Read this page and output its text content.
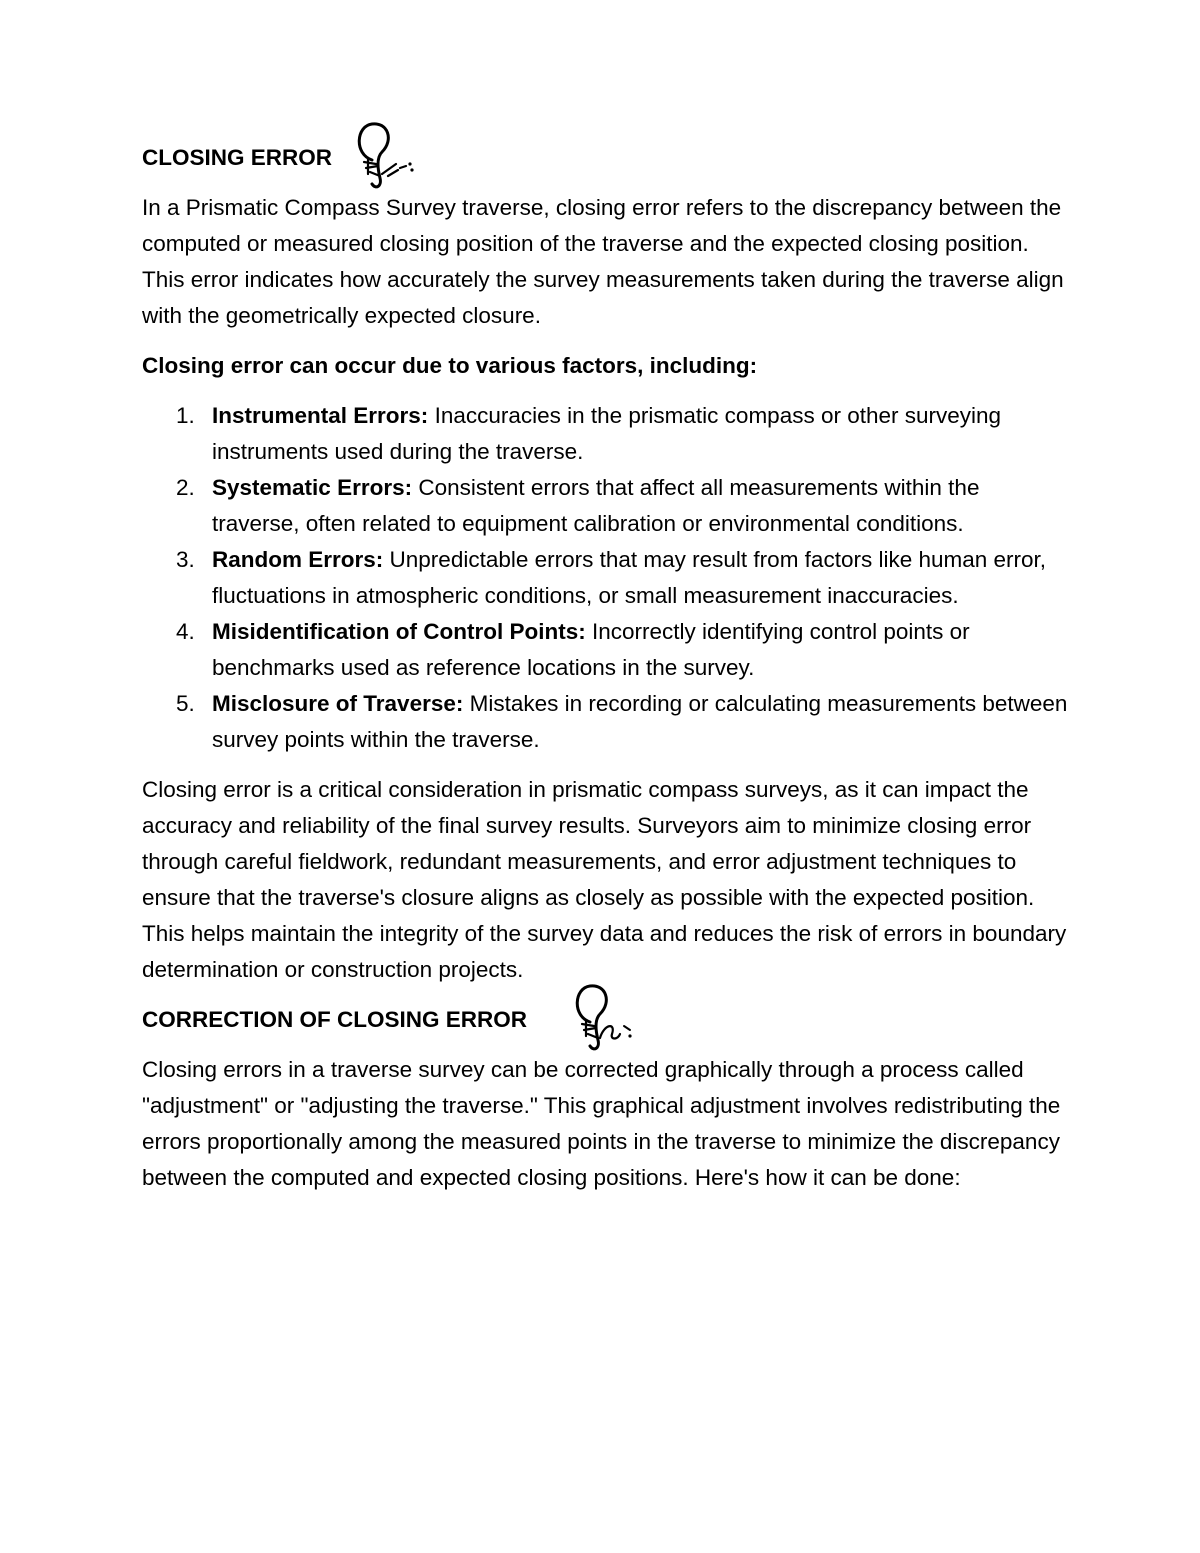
CLOSING ERROR
In a Prismatic Compass Survey traverse, closing error refers to the discrepancy between the computed or measured closing position of the traverse and the expected closing position. This error indicates how accurately the survey measurements taken during the traverse align with the geometrically expected closure.
Closing error can occur due to various factors, including:
1. Instrumental Errors: Inaccuracies in the prismatic compass or other surveying instruments used during the traverse.
2. Systematic Errors: Consistent errors that affect all measurements within the traverse, often related to equipment calibration or environmental conditions.
3. Random Errors: Unpredictable errors that may result from factors like human error, fluctuations in atmospheric conditions, or small measurement inaccuracies.
4. Misidentification of Control Points: Incorrectly identifying control points or benchmarks used as reference locations in the survey.
5. Misclosure of Traverse: Mistakes in recording or calculating measurements between survey points within the traverse.
Closing error is a critical consideration in prismatic compass surveys, as it can impact the accuracy and reliability of the final survey results. Surveyors aim to minimize closing error through careful fieldwork, redundant measurements, and error adjustment techniques to ensure that the traverse's closure aligns as closely as possible with the expected position. This helps maintain the integrity of the survey data and reduces the risk of errors in boundary determination or construction projects.
CORRECTION OF CLOSING ERROR
Closing errors in a traverse survey can be corrected graphically through a process called "adjustment" or "adjusting the traverse." This graphical adjustment involves redistributing the errors proportionally among the measured points in the traverse to minimize the discrepancy between the computed and expected closing positions. Here's how it can be done:
